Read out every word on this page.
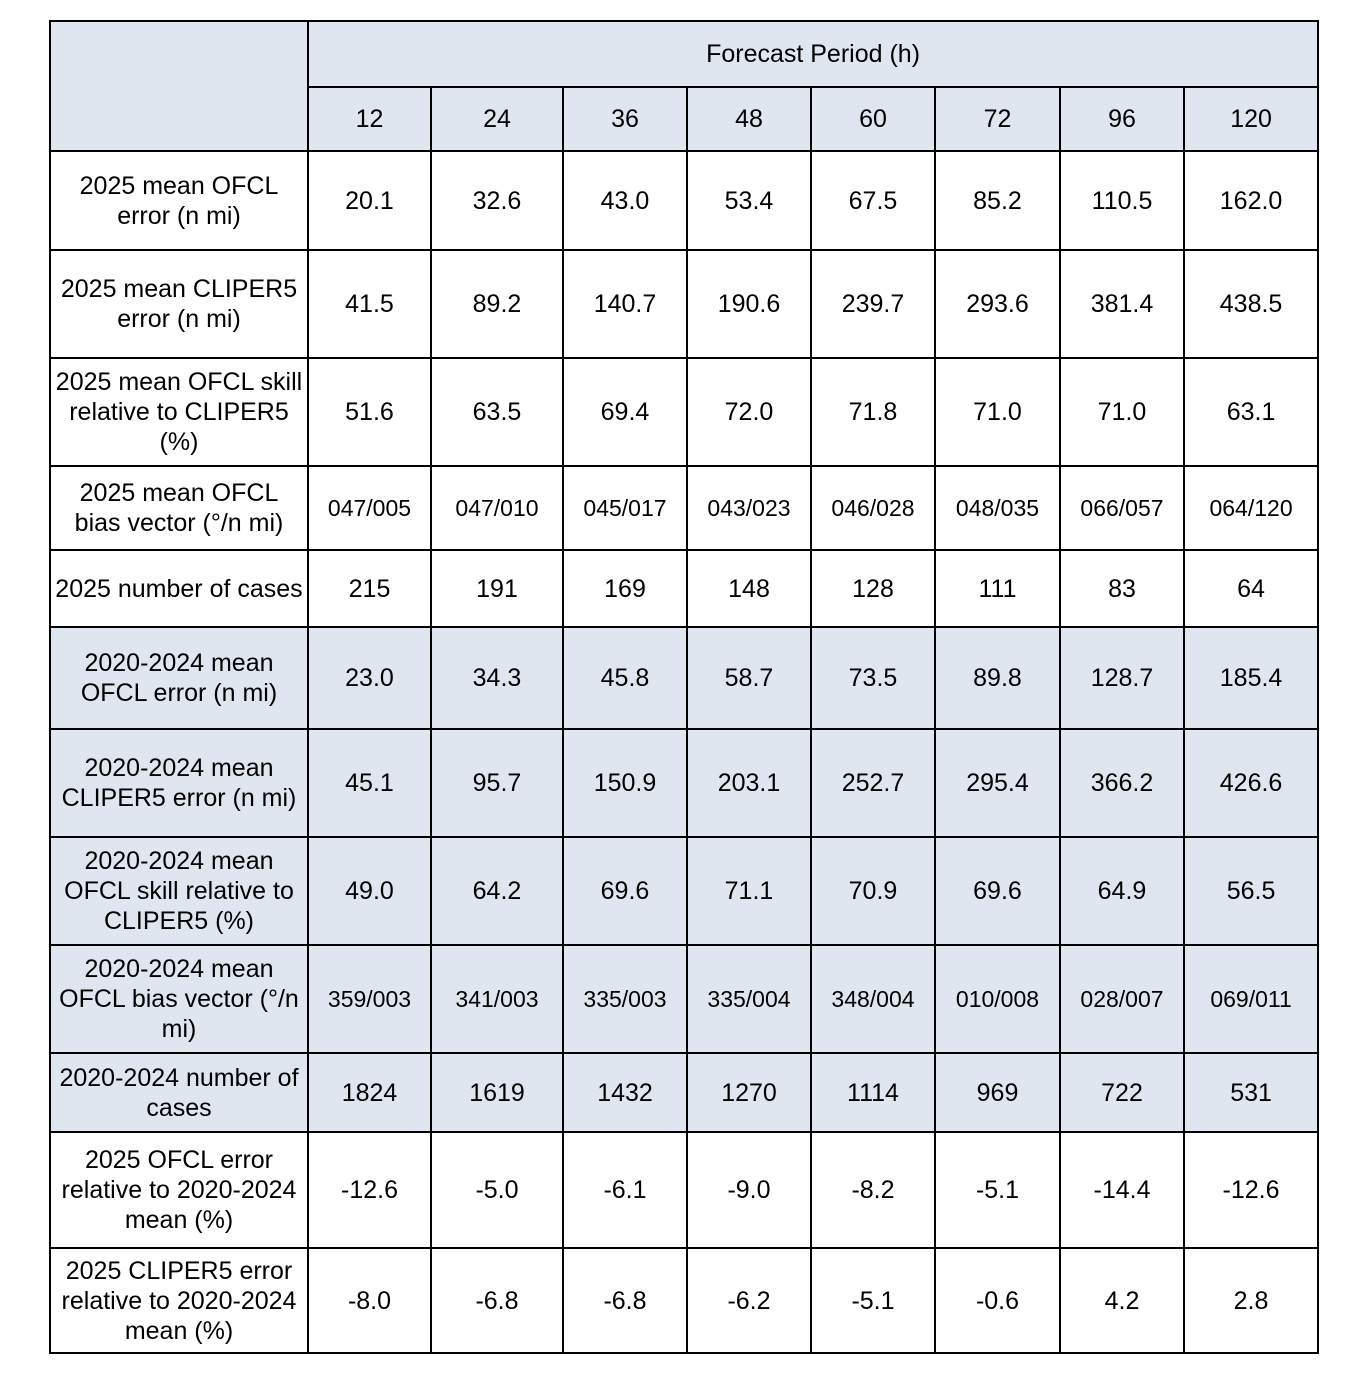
	Forecast Period (h)							
	12	24	36	48	60	72	96	120
2025 mean OFCL error (n mi)	20.1	32.6	43.0	53.4	67.5	85.2	110.5	162.0
2025 mean CLIPER5 error (n mi)	41.5	89.2	140.7	190.6	239.7	293.6	381.4	438.5
2025 mean OFCL skill relative to CLIPER5 (%)	51.6	63.5	69.4	72.0	71.8	71.0	71.0	63.1
2025 mean OFCL bias vector (°/n mi)	047/005	047/010	045/017	043/023	046/028	048/035	066/057	064/120
2025 number of cases	215	191	169	148	128	111	83	64
2020-2024 mean OFCL error (n mi)	23.0	34.3	45.8	58.7	73.5	89.8	128.7	185.4
2020-2024 mean CLIPER5 error (n mi)	45.1	95.7	150.9	203.1	252.7	295.4	366.2	426.6
2020-2024 mean OFCL skill relative to CLIPER5 (%)	49.0	64.2	69.6	71.1	70.9	69.6	64.9	56.5
2020-2024 mean OFCL bias vector (°/n mi)	359/003	341/003	335/003	335/004	348/004	010/008	028/007	069/011
2020-2024 number of cases	1824	1619	1432	1270	1114	969	722	531
2025 OFCL error relative to 2020-2024 mean (%)	-12.6	-5.0	-6.1	-9.0	-8.2	-5.1	-14.4	-12.6
2025 CLIPER5 error relative to 2020-2024 mean (%)	-8.0	-6.8	-6.8	-6.2	-5.1	-0.6	4.2	2.8
